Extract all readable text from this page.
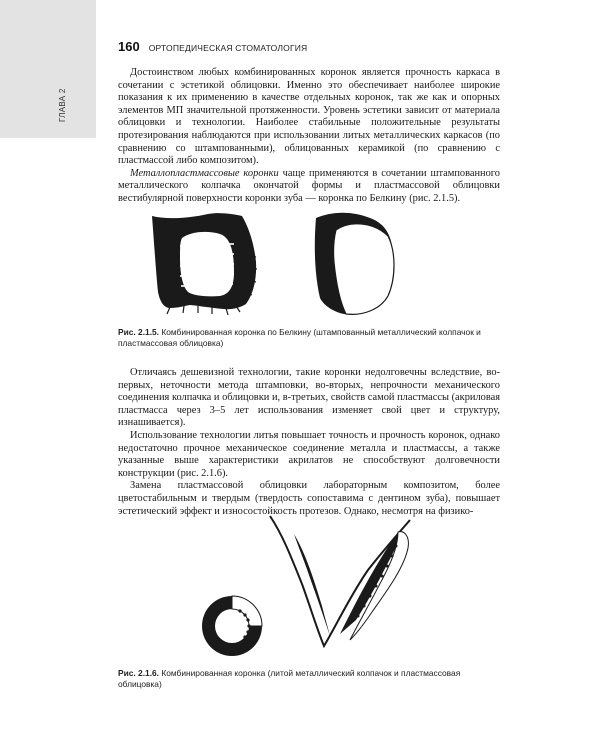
ГЛАВА 2
160 ОРТОПЕДИЧЕСКАЯ СТОМАТОЛОГИЯ

Достоинством любых комбинированных коронок является прочность каркаса в сочетании с эстетикой облицовки. Именно это обеспечивает наиболее широкие показания к их применению в качестве отдельных коронок, так же как и опорных элементов МП значительной протяженности. Уровень эстетики зависит от материала облицовки и технологии. Наиболее стабильные положительные результаты протезирования наблюдаются при использовании литых металлических каркасов (по сравнению со штампованными), облицованных керамикой (по сравнению с пластмассой либо композитом).

Металлопластмассовые коронки чаще применяются в сочетании штампованного металлического колпачка окончатой формы и пластмассовой облицовки вестибулярной поверхности коронки зуба — коронка по Белкину (рис. 2.1.5).

Рис. 2.1.5. Комбинированная коронка по Белкину (штампованный металлический колпачок и пластмассовая облицовка)

Отличаясь дешевизной технологии, такие коронки недолговечны вследствие, во-первых, неточности метода штамповки, во-вторых, непрочности механического соединения колпачка и облицовки и, в-третьих, свойств самой пластмассы (акриловая пластмасса через 3–5 лет использования изменяет свой цвет и структуру, изнашивается).

Использование технологии литья повышает точность и прочность коронок, однако недостаточно прочное механическое соединение металла и пластмассы, а также указанные выше характеристики акрилатов не способствуют долговечности конструкции (рис. 2.1.6).

Замена пластмассовой облицовки лабораторным композитом, более цветостабильным и твердым (твердость сопоставима с дентином зуба), повышает эстетический эффект и износостойкость протезов. Однако, несмотря на физико-

Рис. 2.1.6. Комбинированная коронка (литой металлический колпачок и пластмассовая облицовка)
